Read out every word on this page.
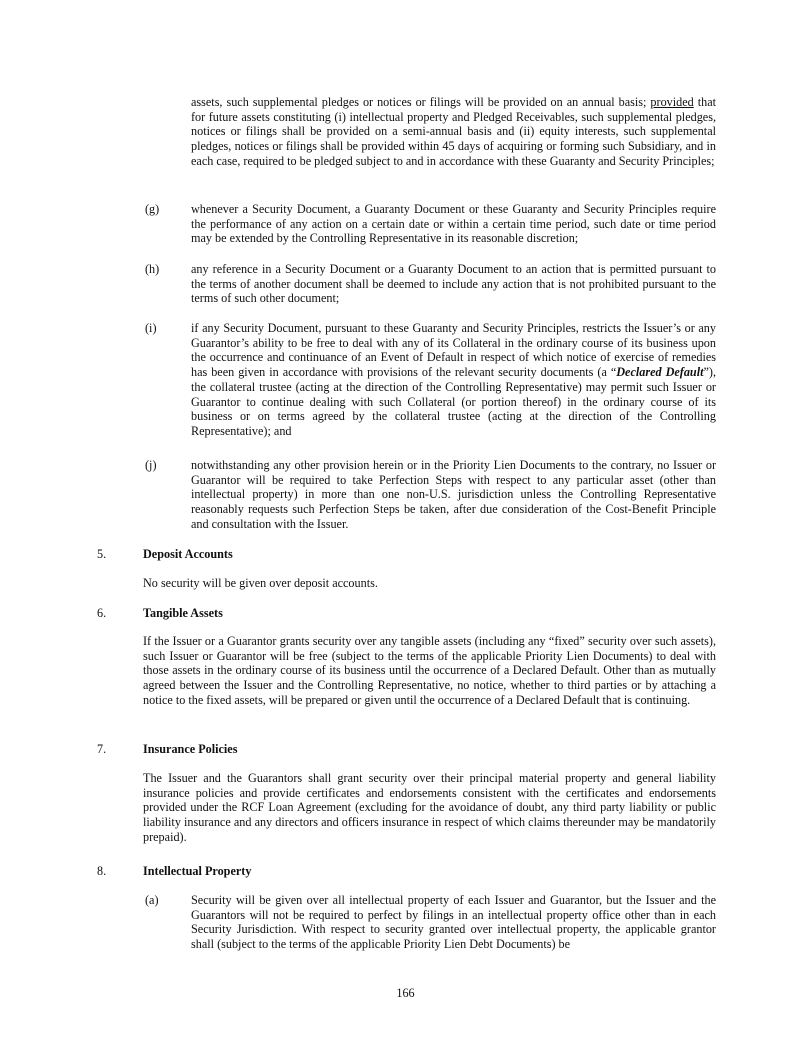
assets, such supplemental pledges or notices or filings will be provided on an annual basis; provided that for future assets constituting (i) intellectual property and Pledged Receivables, such supplemental pledges, notices or filings shall be provided on a semi-annual basis and (ii) equity interests, such supplemental pledges, notices or filings shall be provided within 45 days of acquiring or forming such Subsidiary, and in each case, required to be pledged subject to and in accordance with these Guaranty and Security Principles;
(g)	whenever a Security Document, a Guaranty Document or these Guaranty and Security Principles require the performance of any action on a certain date or within a certain time period, such date or time period may be extended by the Controlling Representative in its reasonable discretion;
(h)	any reference in a Security Document or a Guaranty Document to an action that is permitted pursuant to the terms of another document shall be deemed to include any action that is not prohibited pursuant to the terms of such other document;
(i)	if any Security Document, pursuant to these Guaranty and Security Principles, restricts the Issuer’s or any Guarantor’s ability to be free to deal with any of its Collateral in the ordinary course of its business upon the occurrence and continuance of an Event of Default in respect of which notice of exercise of remedies has been given in accordance with provisions of the relevant security documents (a “Declared Default”), the collateral trustee (acting at the direction of the Controlling Representative) may permit such Issuer or Guarantor to continue dealing with such Collateral (or portion thereof) in the ordinary course of its business or on terms agreed by the collateral trustee (acting at the direction of the Controlling Representative); and
(j)	notwithstanding any other provision herein or in the Priority Lien Documents to the contrary, no Issuer or Guarantor will be required to take Perfection Steps with respect to any particular asset (other than intellectual property) in more than one non-U.S. jurisdiction unless the Controlling Representative reasonably requests such Perfection Steps be taken, after due consideration of the Cost-Benefit Principle and consultation with the Issuer.
5.	Deposit Accounts
No security will be given over deposit accounts.
6.	Tangible Assets
If the Issuer or a Guarantor grants security over any tangible assets (including any “fixed” security over such assets), such Issuer or Guarantor will be free (subject to the terms of the applicable Priority Lien Documents) to deal with those assets in the ordinary course of its business until the occurrence of a Declared Default. Other than as mutually agreed between the Issuer and the Controlling Representative, no notice, whether to third parties or by attaching a notice to the fixed assets, will be prepared or given until the occurrence of a Declared Default that is continuing.
7.	Insurance Policies
The Issuer and the Guarantors shall grant security over their principal material property and general liability insurance policies and provide certificates and endorsements consistent with the certificates and endorsements provided under the RCF Loan Agreement (excluding for the avoidance of doubt, any third party liability or public liability insurance and any directors and officers insurance in respect of which claims thereunder may be mandatorily prepaid).
8.	Intellectual Property
(a)	Security will be given over all intellectual property of each Issuer and Guarantor, but the Issuer and the Guarantors will not be required to perfect by filings in an intellectual property office other than in each Security Jurisdiction. With respect to security granted over intellectual property, the applicable grantor shall (subject to the terms of the applicable Priority Lien Debt Documents) be
166
